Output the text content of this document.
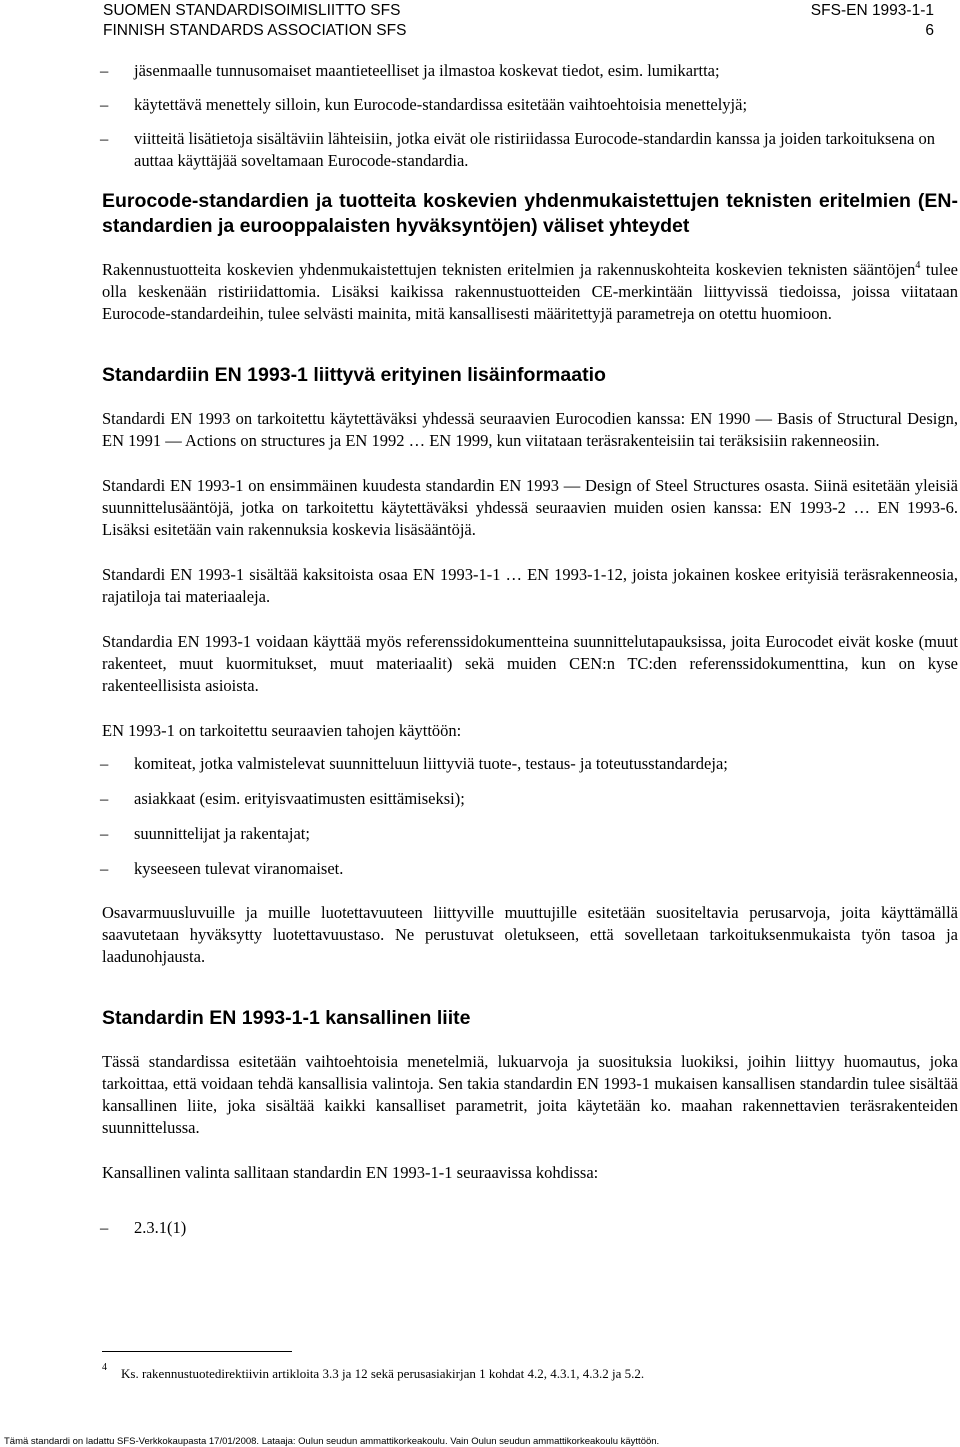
SUOMEN STANDARDISOIMISLIITTO SFS
FINNISH STANDARDS ASSOCIATION SFS
SFS-EN 1993-1-1
6
– jäsenmaalle tunnusomaiset maantieteelliset ja ilmastoa koskevat tiedot, esim. lumikartta;
– käytettävä menettely silloin, kun Eurocode-standardissa esitetään vaihtoehtoisia menettelyjä;
– viitteitä lisätietoja sisältäviin lähteisiin, jotka eivät ole ristiriidassa Eurocode-standardin kanssa ja joiden tarkoituksena on auttaa käyttäjää soveltamaan Eurocode-standardia.
Eurocode-standardien ja tuotteita koskevien yhdenmukaistettujen teknisten eritelmien (EN-standardien ja eurooppalaisten hyväksyntöjen) väliset yhteydet

Rakennustuotteita koskevien yhdenmukaistettujen teknisten eritelmien ja rakennuskohteita koskevien teknisten sääntöjen$^4$ tulee olla keskenään ristiriidattomia. Lisäksi kaikissa rakennustuotteiden CE-merkintään liittyvissä tiedoissa, joissa viitataan Eurocode-standardeihin, tulee selvästi mainita, mitä kansallisesti määritettyjä parametreja on otettu huomioon.

Standardiin EN 1993-1 liittyvä erityinen lisäinformaatio

Standardi EN 1993 on tarkoitettu käytettäväksi yhdessä seuraavien Eurocodien kanssa: EN 1990 ― Basis of Structural Design, EN 1991 ― Actions on structures ja EN 1992 … EN 1999, kun viitataan teräsrakenteisiin tai teräksisiin rakenneosiin.

Standardi EN 1993-1 on ensimmäinen kuudesta standardin EN 1993 ― Design of Steel Structures osasta. Siinä esitetään yleisiä suunnittelusääntöjä, jotka on tarkoitettu käytettäväksi yhdessä seuraavien muiden osien kanssa: EN 1993-2 … EN 1993-6. Lisäksi esitetään vain rakennuksia koskevia lisäsääntöjä.

Standardi EN 1993-1 sisältää kaksitoista osaa EN 1993-1-1 … EN 1993-1-12, joista jokainen koskee erityisiä teräsrakenneosia, rajatiloja tai materiaaleja.

Standardia EN 1993-1 voidaan käyttää myös referenssidokumentteina suunnittelutapauksissa, joita Eurocodet eivät koske (muut rakenteet, muut kuormitukset, muut materiaalit) sekä muiden CEN:n TC:den referenssidokumenttina, kun on kyse rakenteellisista asioista.

EN 1993-1 on tarkoitettu seuraavien tahojen käyttöön:

– komiteat, jotka valmistelevat suunnitteluun liittyviä tuote-, testaus- ja toteutusstandardeja;
– asiakkaat (esim. erityisvaatimusten esittämiseksi);
– suunnittelijat ja rakentajat;
– kyseeseen tulevat viranomaiset.

Osavarmuusluvuille ja muille luotettavuuteen liittyville muuttujille esitetään suositeltavia perusarvoja, joita käyttämällä saavutetaan hyväksytty luotettavuustaso. Ne perustuvat oletukseen, että sovelletaan tarkoituksenmukaista työn tasoa ja laadunohjausta.

Standardin EN 1993-1-1 kansallinen liite

Tässä standardissa esitetään vaihtoehtoisia menetelmiä, lukuarvoja ja suosituksia luokiksi, joihin liittyy huomautus, joka tarkoittaa, että voidaan tehdä kansallisia valintoja. Sen takia standardin EN 1993-1 mukaisen kansallisen standardin tulee sisältää kansallinen liite, joka sisältää kaikki kansalliset parametrit, joita käytetään ko. maahan rakennettavien teräsrakenteiden suunnittelussa.

Kansallinen valinta sallitaan standardin EN 1993-1-1 seuraavissa kohdissa:

– 2.3.1(1)
$^4$ Ks. rakennustuotedirektiivin artikloita 3.3 ja 12 sekä perusasiakirjan 1 kohdat 4.2, 4.3.1, 4.3.2 ja 5.2.
Tämä standardi on ladattu SFS-Verkkokaupasta 17/01/2008. Lataaja: Oulun seudun ammattikorkeakoulu. Vain Oulun seudun ammattikorkeakoulu käyttöön.
